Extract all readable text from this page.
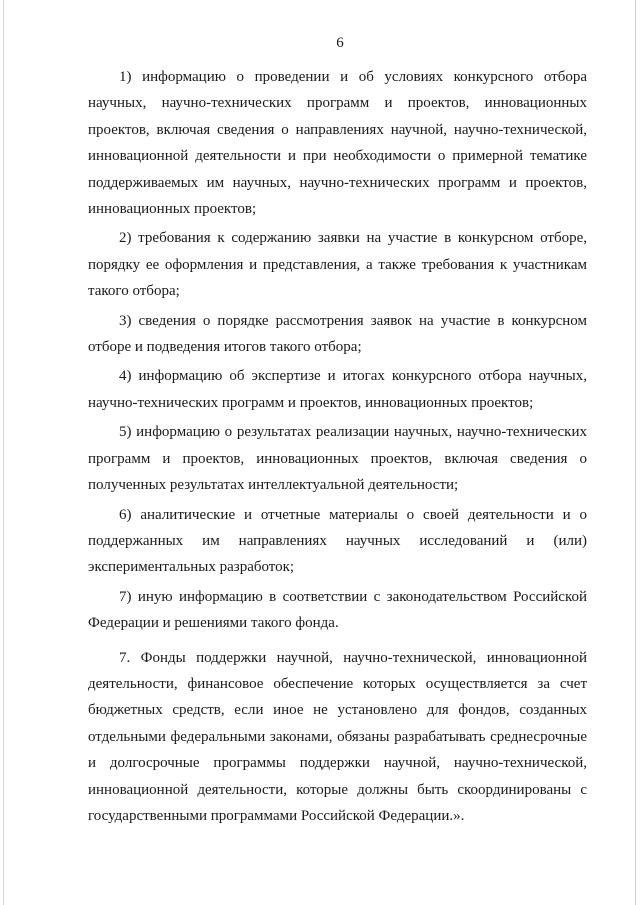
6

1) информацию о проведении и об условиях конкурсного отбора научных, научно-технических программ и проектов, инновационных проектов, включая сведения о направлениях научной, научно-технической, инновационной деятельности и при необходимости о примерной тематике поддерживаемых им научных, научно-технических программ и проектов, инновационных проектов;

2) требования к содержанию заявки на участие в конкурсном отборе, порядку ее оформления и представления, а также требования к участникам такого отбора;

3) сведения о порядке рассмотрения заявок на участие в конкурсном отборе и подведения итогов такого отбора;

4) информацию об экспертизе и итогах конкурсного отбора научных, научно-технических программ и проектов, инновационных проектов;

5) информацию о результатах реализации научных, научно-технических программ и проектов, инновационных проектов, включая сведения о полученных результатах интеллектуальной деятельности;

6) аналитические и отчетные материалы о своей деятельности и о поддержанных им направлениях научных исследований и (или) экспериментальных разработок;

7) иную информацию в соответствии с законодательством Российской Федерации и решениями такого фонда.

7. Фонды поддержки научной, научно-технической, инновационной деятельности, финансовое обеспечение которых осуществляется за счет бюджетных средств, если иное не установлено для фондов, созданных отдельными федеральными законами, обязаны разрабатывать среднесрочные и долгосрочные программы поддержки научной, научно-технической, инновационной деятельности, которые должны быть скоординированы с государственными программами Российской Федерации.».
